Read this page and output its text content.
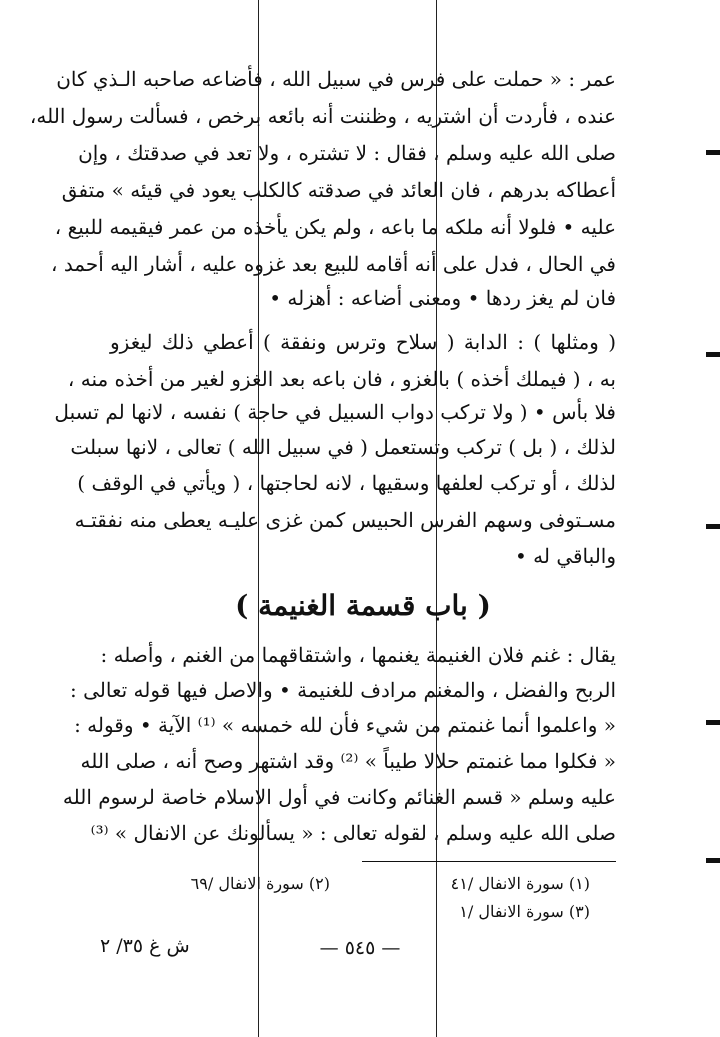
عمر : « حملت على فرس في سبيل الله ، فأضاعه صاحبه الـذي كان
عنده ، فأردت أن اشتريه ، وظننت أنه بائعه برخص ، فسألت رسول الله،
صلى الله عليه وسلم ، فقال : لا تشتره ، ولا تعد في صدقتك ، وإن
أعطاكه بدرهم ، فان العائد في صدقته كالكلب يعود في قيئه » متفق
عليه • فلولا أنه ملكه ما باعه ، ولم يكن يأخذه من عمر فيقيمه للبيع ،
في الحال ، فدل على أنه أقامه للبيع بعد غزوه عليه ، أشار اليه أحمد ،
فان لم يغز ردها • ومعنى أضاعه : أهزله •
( ومثلها ) : الدابة ( سلاح وترس ونفقة ) أعطي ذلك ليغزو
به ، ( فيملك أخذه ) بالغزو ، فان باعه بعد الغزو لغير من أخذه منه ،
فلا بأس • ( ولا تركب دواب السبيل في حاجة ) نفسه ، لانها لم تسبل
لذلك ، ( بل ) تركب وتستعمل ( في سبيل الله ) تعالى ، لانها سبلت
لذلك ، أو تركب لعلفها وسقيها ، لانه لحاجتها ، ( ويأتي في الوقف )
مسـتوفى وسهم الفرس الحبيس كمن غزى عليـه يعطى منه نفقتـه
والباقي له •
( باب قسمة الغنيمة )
يقال : غنم فلان الغنيمة يغنمها ، واشتقاقهما من الغنم ، وأصله :
الربح والفضل ، والمغنم مرادف للغنيمة • والاصل فيها قوله تعالى :
« واعلموا أنما غنمتم من شيء فأن لله خمسه » ⁽¹⁾ الآية • وقوله :
« فكلوا مما غنمتم حلالا طيباً » ⁽²⁾ وقد اشتهر وصح أنه ، صلى الله
عليه وسلم « قسم الغنائم وكانت في أول الاسلام خاصة لرسوم الله
صلى الله عليه وسلم ، لقوله تعالى : « يسألونك عن الانفال » ⁽³⁾
(١) سورة الانفال /٤١
(٢) سورة الانفال /٦٩
(٣) سورة الانفال /١
— ٥٤٥ —
ش غ ٣٥/ ٢
